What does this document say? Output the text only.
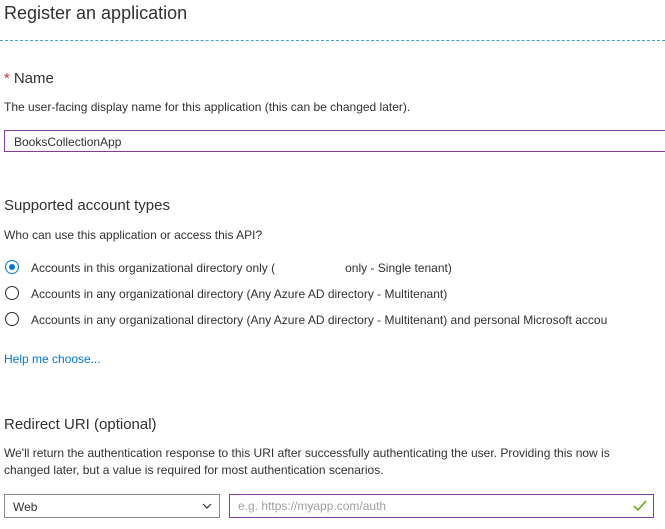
Register an application
* Name
The user-facing display name for this application (this can be changed later).
BooksCollectionApp
Supported account types
Who can use this application or access this API?
Accounts in this organizational directory only (	only - Single tenant)
Accounts in any organizational directory (Any Azure AD directory - Multitenant)
Accounts in any organizational directory (Any Azure AD directory - Multitenant) and personal Microsoft accou
Help me choose...
Redirect URI (optional)
We'll return the authentication response to this URI after successfully authenticating the user. Providing this now is
changed later, but a value is required for most authentication scenarios.
Web
e.g. https://myapp.com/auth
